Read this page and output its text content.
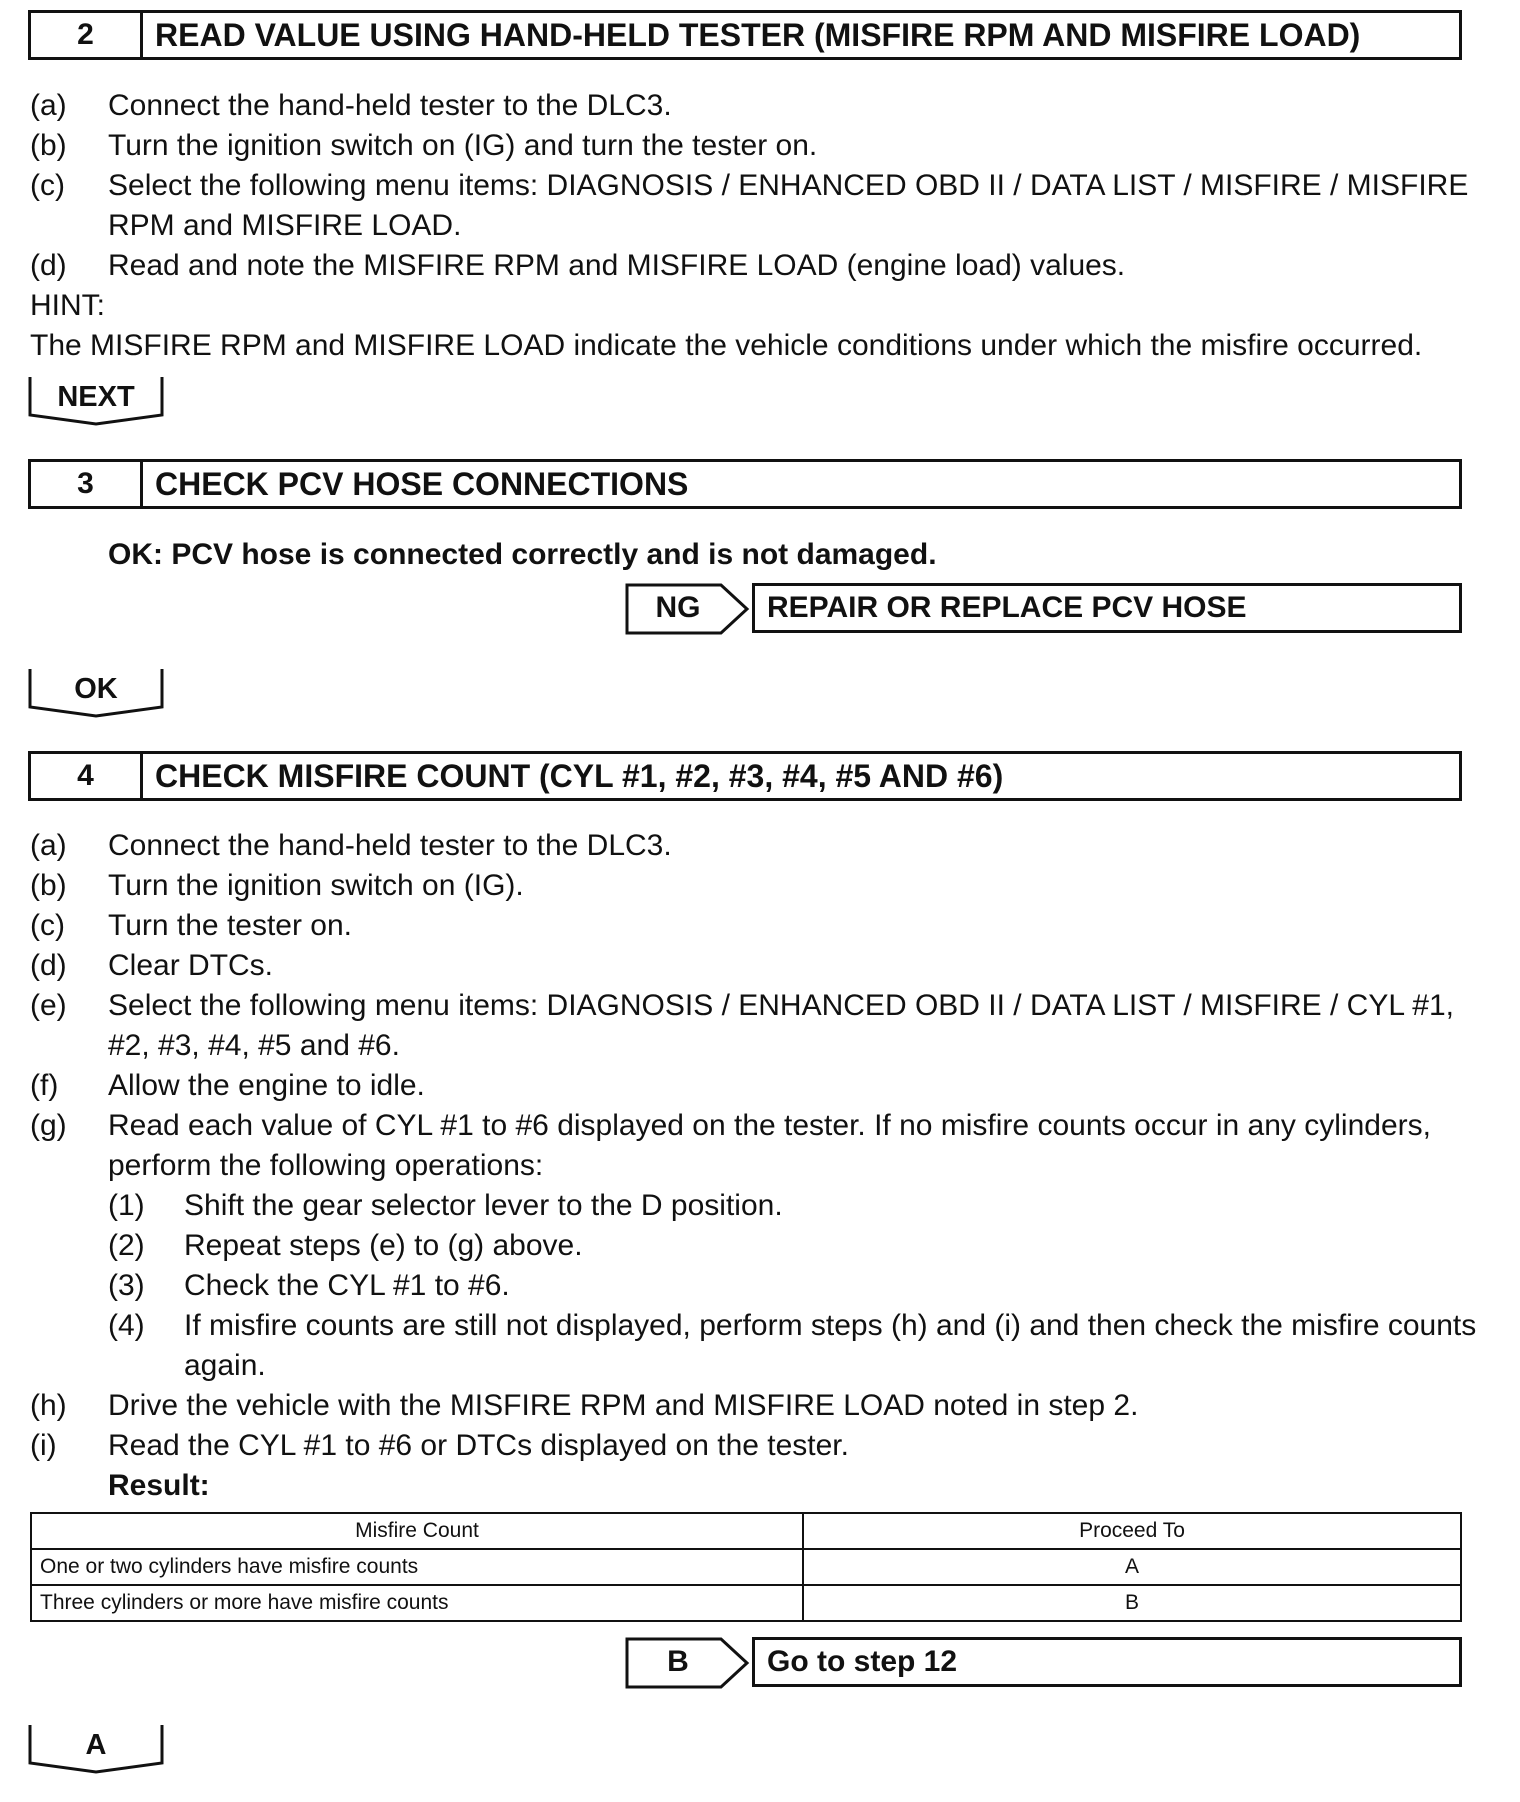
2	READ VALUE USING HAND-HELD TESTER (MISFIRE RPM AND MISFIRE LOAD)
(a) Connect the hand-held tester to the DLC3.
(b) Turn the ignition switch on (IG) and turn the tester on.
(c) Select the following menu items: DIAGNOSIS / ENHANCED OBD II / DATA LIST / MISFIRE / MISFIRE
RPM and MISFIRE LOAD.
(d) Read and note the MISFIRE RPM and MISFIRE LOAD (engine load) values.
HINT:
The MISFIRE RPM and MISFIRE LOAD indicate the vehicle conditions under which the misfire occurred.
NEXT
3	CHECK PCV HOSE CONNECTIONS
OK: PCV hose is connected correctly and is not damaged.
NG	REPAIR OR REPLACE PCV HOSE
OK
4	CHECK MISFIRE COUNT (CYL #1, #2, #3, #4, #5 AND #6)
(a) Connect the hand-held tester to the DLC3.
(b) Turn the ignition switch on (IG).
(c) Turn the tester on.
(d) Clear DTCs.
(e) Select the following menu items: DIAGNOSIS / ENHANCED OBD II / DATA LIST / MISFIRE / CYL #1,
#2, #3, #4, #5 and #6.
(f) Allow the engine to idle.
(g) Read each value of CYL #1 to #6 displayed on the tester. If no misfire counts occur in any cylinders,
perform the following operations:
(1) Shift the gear selector lever to the D position.
(2) Repeat steps (e) to (g) above.
(3) Check the CYL #1 to #6.
(4) If misfire counts are still not displayed, perform steps (h) and (i) and then check the misfire counts
again.
(h) Drive the vehicle with the MISFIRE RPM and MISFIRE LOAD noted in step 2.
(i) Read the CYL #1 to #6 or DTCs displayed on the tester.
Result:
Misfire Count	Proceed To
One or two cylinders have misfire counts	A
Three cylinders or more have misfire counts	B
B	Go to step 12
A
